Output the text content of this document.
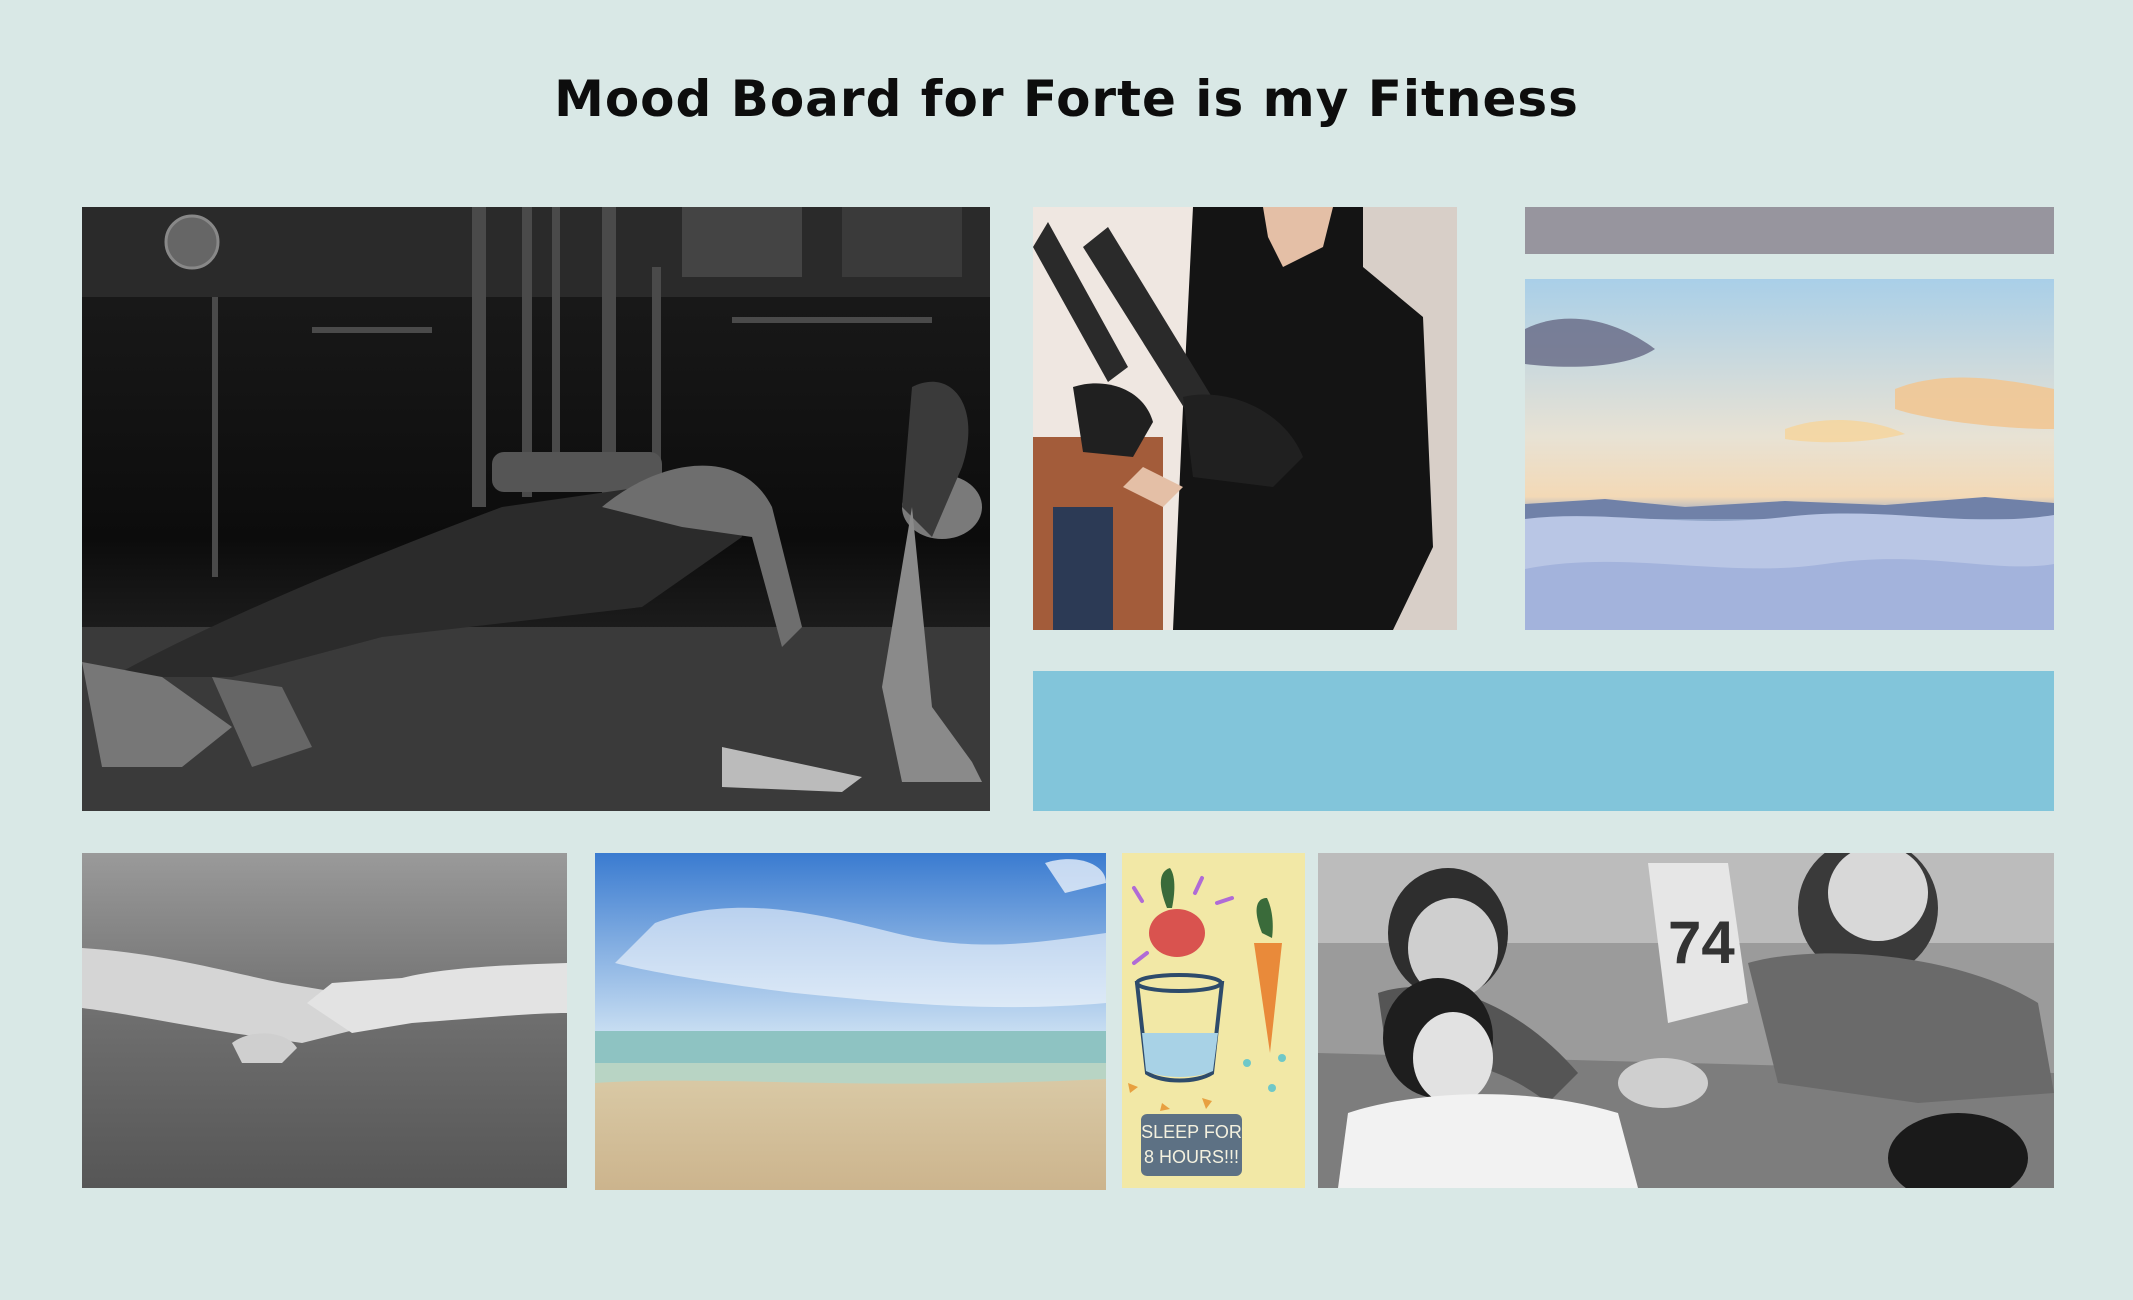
Mood Board for Forte is my Fitness
SLEEP FOR
8 HOURS!!!
74
